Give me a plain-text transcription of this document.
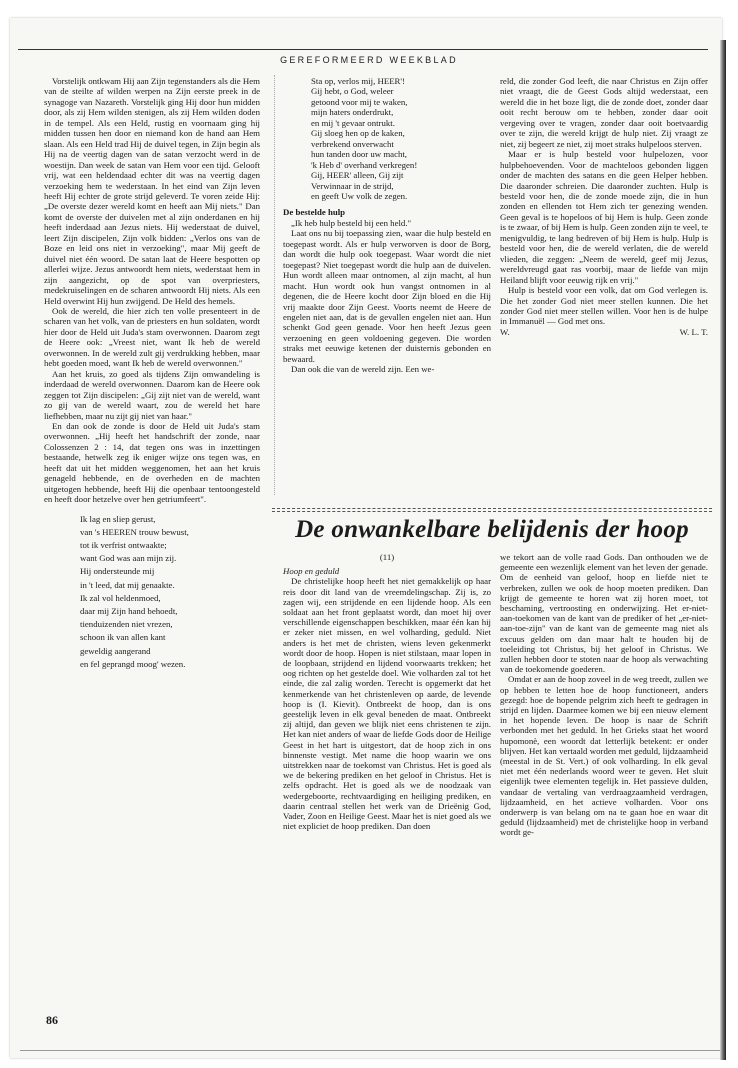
GEREFORMEERD WEEKBLAD

Vorstelijk ontkwam Hij aan Zijn tegenstanders als die Hem van de steilte af wilden werpen na Zijn eerste preek in de synagoge van Nazareth. Vorstelijk ging Hij door hun midden door, als zij Hem wilden stenigen, als zij Hem wilden doden in de tempel. Als een Held, rustig en voornaam ging hij midden tussen hen door en niemand kon de hand aan Hem slaan. Als een Held trad Hij de duivel tegen, in Zijn begin als Hij na de veertig dagen van de satan verzocht werd in de woestijn. Dan week de satan van Hem voor een tijd. Gelooft vrij, wat een heldendaad echter dit was na veertig dagen verzoeking hem te wederstaan. In het eind van Zijn leven heeft Hij echter de grote strijd geleverd. Te voren zeide Hij: „De overste dezer wereld komt en heeft aan Mij niets." Dan komt de overste der duivelen met al zijn onderdanen en hij heeft inderdaad aan Jezus niets. Hij wederstaat de duivel, leert Zijn discipelen, Zijn volk bidden: „Verlos ons van de Boze en leid ons niet in verzoeking", maar Mij geeft de duivel niet één woord. De satan laat de Heere bespotten op allerlei wijze. Jezus antwoordt hem niets, wederstaat hem in zijn aangezicht, op de spot van overpriesters, medekruiselingen en de scharen antwoordt Hij niets. Als een Held overwint Hij hun zwijgend. De Held des hemels.

Ook de wereld, die hier zich ten volle presenteert in de scharen van het volk, van de priesters en hun soldaten, wordt hier door de Held uit Juda's stam overwonnen. Daarom zegt de Heere ook: „Vreest niet, want Ik heb de wereld overwonnen. In de wereld zult gij verdrukking hebben, maar hebt goeden moed, want Ik heb de wereld overwonnen."

Aan het kruis, zo goed als tijdens Zijn omwandeling is inderdaad de wereld overwonnen. Daarom kan de Heere ook zeggen tot Zijn discipelen: „Gij zijt niet van de wereld, want zo gij van de wereld waart, zou de wereld het hare liefhebben, maar nu zijt gij niet van haar."

En dan ook de zonde is door de Held uit Juda's stam overwonnen. „Hij heeft het handschrift der zonde, naar Colossenzen 2 : 14, dat tegen ons was in inzettingen bestaande, hetwelk zeg ik eniger wijze ons tegen was, en heeft dat uit het midden weggenomen, het aan het kruis genageld hebbende, en de overheden en de machten uitgetogen hebbende, heeft Hij die openbaar tentoongesteld en heeft door hetzelve over hen getriumfeert".

Ik lag en sliep gerust,
van 's HEEREN trouw bewust,
tot ik verfrist ontwaakte;
want God was aan mijn zij.
Hij ondersteunde mij
in 't leed, dat mij genaakte.
Ik zal vol heldenmoed,
daar mij Zijn hand behoedt,
tienduizenden niet vrezen,
schoon ik van allen kant
geweldig aangerand
en fel geprangd moog' wezen.
Sta op, verlos mij, HEER'!
Gij hebt, o God, weleer
getoond voor mij te waken,
mijn haters onderdrukt,
en mij 't gevaar ontrukt.
Gij sloeg hen op de kaken,
verbrekend onverwacht
hun tanden door uw macht,
'k Heb d' overhand verkregen!
Gij, HEER' alleen, Gij zijt
Verwinnaar in de strijd,
en geeft Uw volk de zegen.

De bestelde hulp

„Ik heb hulp besteld bij een held."

Laat ons nu bij toepassing zien, waar die hulp besteld en toegepast wordt. Als er hulp verworven is door de Borg, dan wordt die hulp ook toegepast. Waar wordt die niet toegepast? Niet toegepast wordt die hulp aan de duivelen. Hun wordt alleen maar ontnomen, al zijn macht, al hun macht. Hun wordt ook hun vangst ontnomen in al degenen, die de Heere kocht door Zijn bloed en die Hij vrij maakte door Zijn Geest. Voorts neemt de Heere de engelen niet aan, dat is de gevallen engelen niet aan. Hun schenkt God geen genade. Voor hen heeft Jezus geen verzoening en geen voldoening gegeven. Die worden straks met eeuwige ketenen der duisternis gebonden en bewaard.

Dan ook die van de wereld zijn. Een we-

reld, die zonder God leeft, die naar Christus en Zijn offer niet vraagt, die de Geest Gods altijd wederstaat, een wereld die in het boze ligt, die de zonde doet, zonder daar ooit recht berouw om te hebben, zonder daar ooit vergeving over te vragen, zonder daar ooit boetvaardig over te zijn, die wereld krijgt de hulp niet. Zij vraagt ze niet, zij begeert ze niet, zij moet straks hulpeloos sterven.

Maar er is hulp besteld voor hulpelozen, voor hulpbehoevenden. Voor de machteloos gebonden liggen onder de machten des satans en die geen Helper hebben. Die daaronder schreien. Die daaronder zuchten. Hulp is besteld voor hen, die de zonde moede zijn, die in hun zonden en ellenden tot Hem zich ter genezing wenden. Geen geval is te hopeloos of bij Hem is hulp. Geen zonde is te zwaar, of bij Hem is hulp. Geen zonden zijn te veel, te menigvuldig, te lang bedreven of bij Hem is hulp. Hulp is besteld voor hen, die de wereld verlaten, die de wereld vlieden, die zeggen: „Neem de wereld, geef mij Jezus, wereldvreugd gaat ras voorbij, maar de liefde van mijn Heiland blijft voor eeuwig rijk en vrij."

Hulp is besteld voor een volk, dat om God verlegen is. Die het zonder God niet meer stellen kunnen. Die het zonder God niet meer stellen willen. Voor hen is de hulpe in Immanuël — God met ons.

W.	W. L. T.
De onwankelbare belijdenis der hoop

(11)

Hoop en geduld

De christelijke hoop heeft het niet gemakkelijk op haar reis door dit land van de vreemdelingschap. Zij is, zo zagen wij, een strijdende en een lijdende hoop. Als een soldaat aan het front geplaatst wordt, dan moet hij over verschillende eigenschappen beschikken, maar één kan hij er zeker niet missen, en wel volharding, geduld. Niet anders is het met de christen, wiens leven gekenmerkt wordt door de hoop. Hopen is niet stilstaan, maar lopen in de loopbaan, strijdend en lijdend voorwaarts trekken; het oog richten op het gestelde doel. Wie volharden zal tot het einde, die zal zalig worden. Terecht is opgemerkt dat het kenmerkende van het christenleven op aarde, de levende hoop is (I. Kievit). Ontbreekt de hoop, dan is ons geestelijk leven in elk geval beneden de maat. Ontbreekt zij altijd, dan geven we blijk niet eens christenen te zijn. Het kan niet anders of waar de liefde Gods door de Heilige Geest in het hart is uitgestort, dat de hoop zich in ons binnenste vestigt. Met name die hoop waarin we ons uitstrekken naar de toekomst van Christus. Het is goed als we de bekering prediken en het geloof in Christus. Het is zelfs opdracht. Het is goed als we de noodzaak van wedergeboorte, rechtvaardiging en heiliging prediken, en daarin centraal stellen het werk van de Drieënig God, Vader, Zoon en Heilige Geest. Maar het is niet goed als we niet expliciet de hoop prediken. Dan doen

we tekort aan de volle raad Gods. Dan onthouden we de gemeente een wezenlijk element van het leven der genade. Om de eenheid van geloof, hoop en liefde niet te verbreken, zullen we ook de hoop moeten prediken. Dan krijgt de gemeente te horen wat zij horen moet, tot beschaming, vertroosting en onderwijzing. Het er-niet-aan-toekomen van de kant van de prediker of het „er-niet-aan-toe-zijn" van de kant van de gemeente mag niet als excuus gelden om dan maar halt te houden bij de toeleiding tot Christus, bij het geloof in Christus. We zullen hebben door te stoten naar de hoop als verwachting van de toekomende goederen.

Omdat er aan de hoop zoveel in de weg treedt, zullen we op hebben te letten hoe de hoop functioneert, anders gezegd: hoe de hopende pelgrim zich heeft te gedragen in strijd en lijden. Daarmee komen we bij een nieuw element in het hopende leven. De hoop is naar de Schrift verbonden met het geduld. In het Grieks staat het woord hupomonè, een woordt dat letterlijk betekent: er onder blijven. Het kan vertaald worden met geduld, lijdzaamheid (meestal in de St. Vert.) of ook volharding. In elk geval niet met één nederlands woord weer te geven. Het sluit eigenlijk twee elementen tegelijk in. Het passieve dulden, vandaar de vertaling van verdraagzaamheid verdragen, lijdzaamheid, en het actieve volharden. Voor ons onderwerp is van belang om na te gaan hoe en waar dit geduld (lijdzaamheid) met de christelijke hoop in verband wordt ge-

86
